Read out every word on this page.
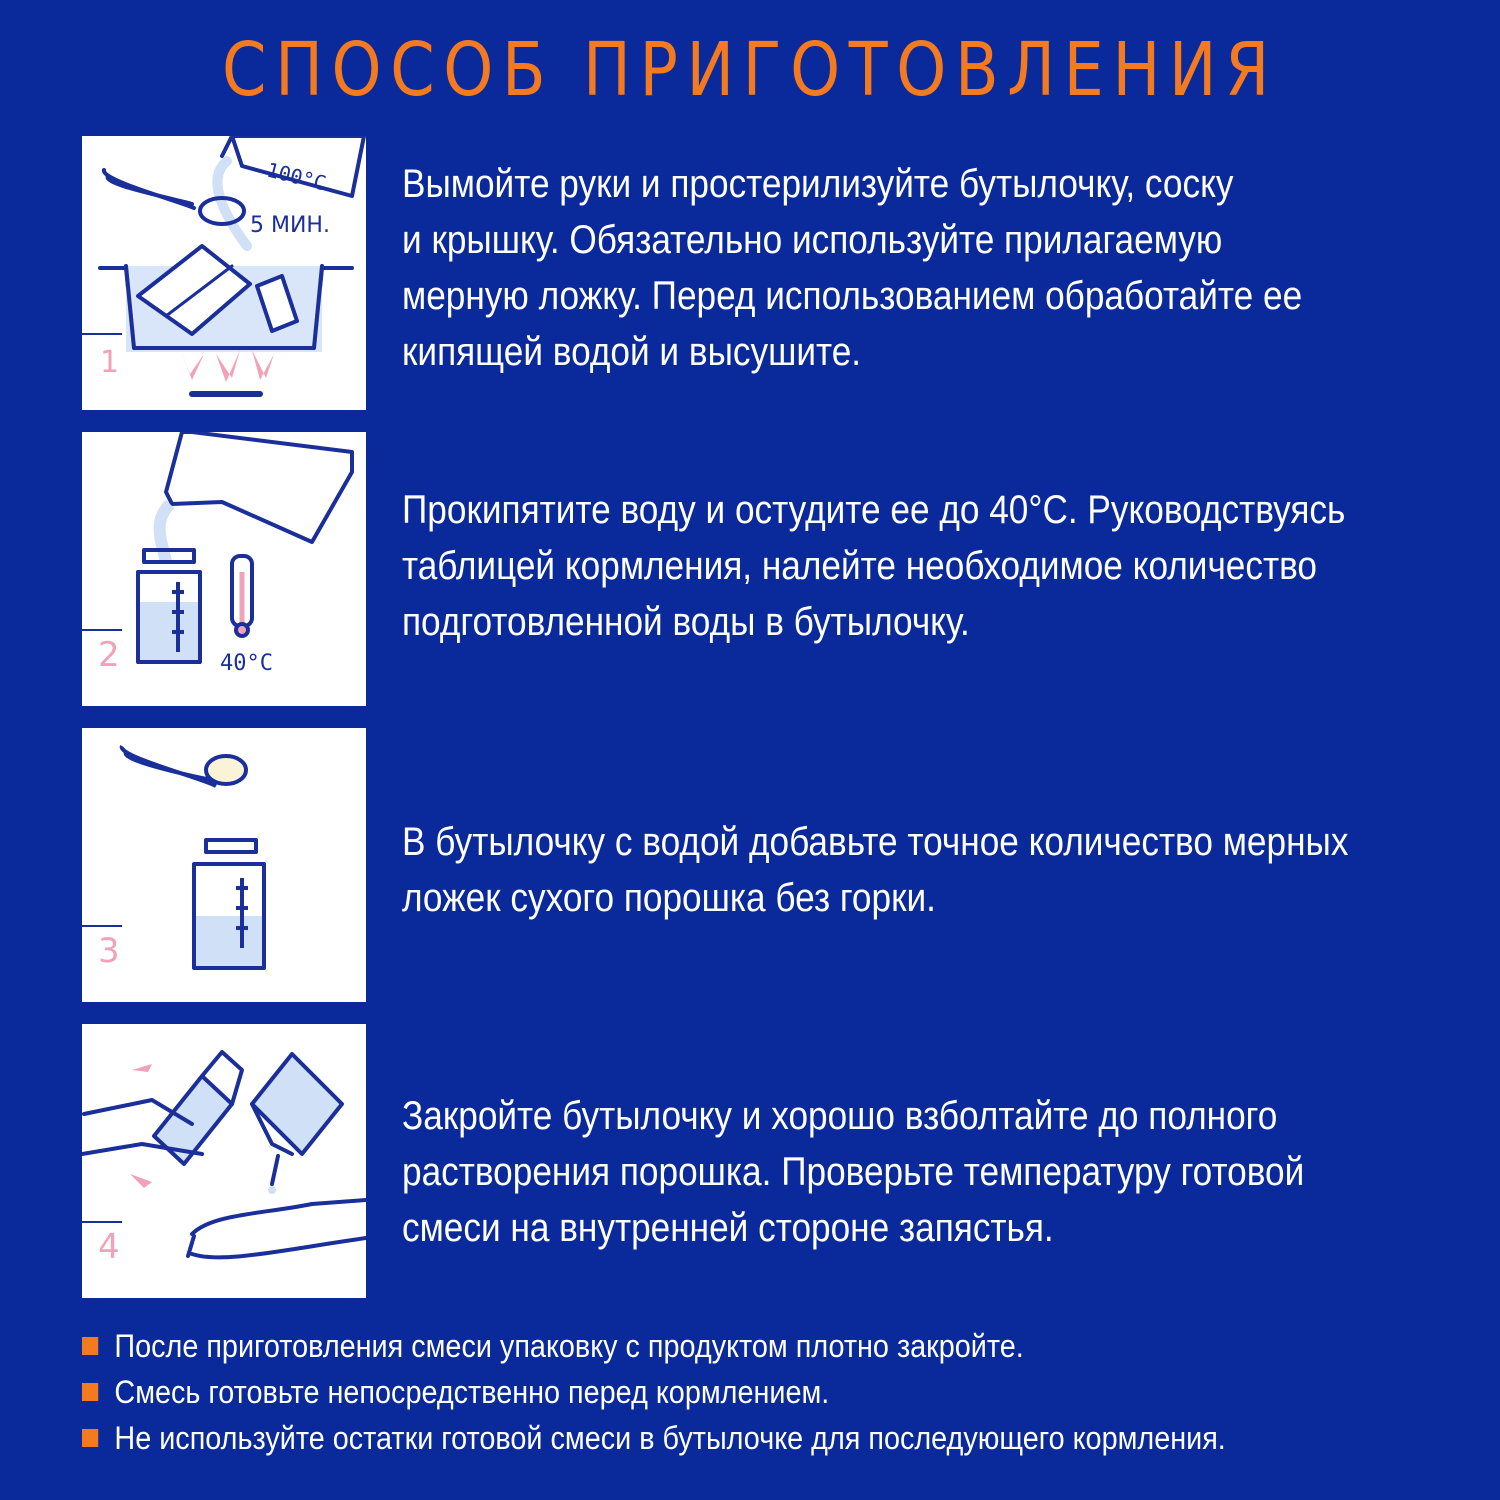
СПОСОБ ПРИГОТОВЛЕНИЯ
1
100°C
5 МИН.
Вымойте руки и простерилизуйте бутылочку, соску
и крышку. Обязательно используйте прилагаемую
мерную ложку. Перед использованием обработайте ее
кипящей водой и высушите.
2	40°C
Прокипятите воду и остудите ее до 40°С. Руководствуясь
таблицей кормления, налейте необходимое количество
подготовленной воды в бутылочку.
3
В бутылочку с водой добавьте точное количество мерных
ложек сухого порошка без горки.
4
Закройте бутылочку и хорошо взболтайте до полного
растворения порошка. Проверьте температуру готовой
смеси на внутренней стороне запястья.
После приготовления смеси упаковку с продуктом плотно закройте.
Смесь готовьте непосредственно перед кормлением.
Не используйте остатки готовой смеси в бутылочке для последующего кормления.
